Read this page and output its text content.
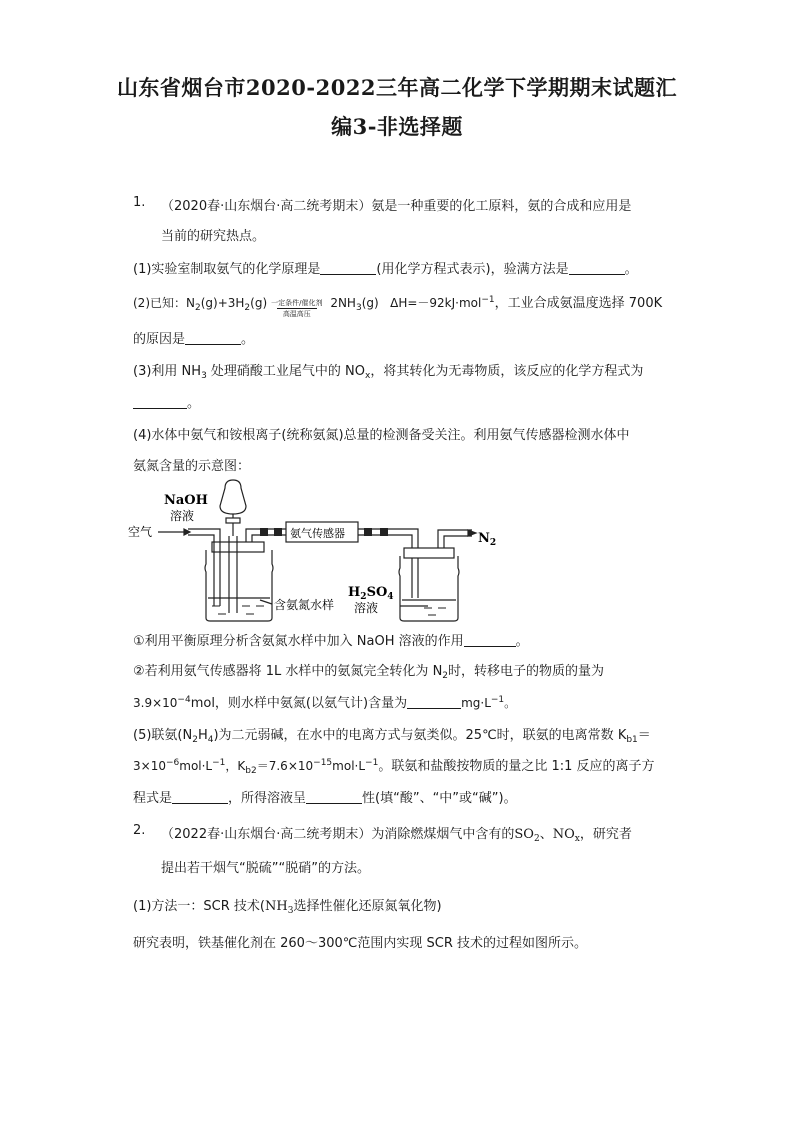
山东省烟台市2020-2022三年高二化学下学期期末试题汇
编3-非选择题
1. （2020春·山东烟台·高二统考期末）氨是一种重要的化工原料，氨的合成和应用是
当前的研究热点。
(1)实验室制取氨气的化学原理是	(用化学方程式表示)，验满方法是	。
(2)已知：$N_2(g)+3H_2(g)$ 一定条件/催化剂
高温高压
$2NH_3(g)$   ΔH=－92kJ·mol$^{-1}$，工业合成氨温度选择 700K
的原因是	。
(3)利用 $NH_3$ 处理硝酸工业尾气中的 $NO_x$，将其转化为无毒物质，该反应的化学方程式为
。
(4)水体中氨气和铵根离子(统称氨氮)总量的检测备受关注。利用氨气传感器检测水体中
氨氮含量的示意图：
NaOH
溶液
空气	氨气传感器	$N_2$
含氨氮水样
$H_2SO_4$
溶液
①利用平衡原理分析含氨氮水样中加入 NaOH 溶液的作用	。
②若利用氨气传感器将 1L 水样中的氨氮完全转化为 $N_2$时，转移电子的物质的量为
$3.9\times 10^{-4}mol$，则水样中氨氮(以氨气计)含量为	$mg\cdot L^{-1}$。
(5)联氨$(N_2H_4)$为二元弱碱，在水中的电离方式与氨类似。25℃时，联氨的电离常数 $K_{b1}=$
$3\times 10^{-6}mol\cdot L^{-1}$，$K_{b2}=7.6\times 10^{-15}mol\cdot L^{-1}$。联氨和盐酸按物质的量之比 1:1 反应的离子方
程式是	，所得溶液呈	性(填“酸”、“中”或“碱”)。
2. （2022春·山东烟台·高二统考期末）为消除燃煤烟气中含有的$SO_2$、$NO_x$，研究者
提出若干烟气“脱硫”“脱硝”的方法。
(1)方法一：SCR 技术($NH_3$选择性催化还原氮氧化物)
研究表明，铁基催化剂在 260～300℃范围内实现 SCR 技术的过程如图所示。
